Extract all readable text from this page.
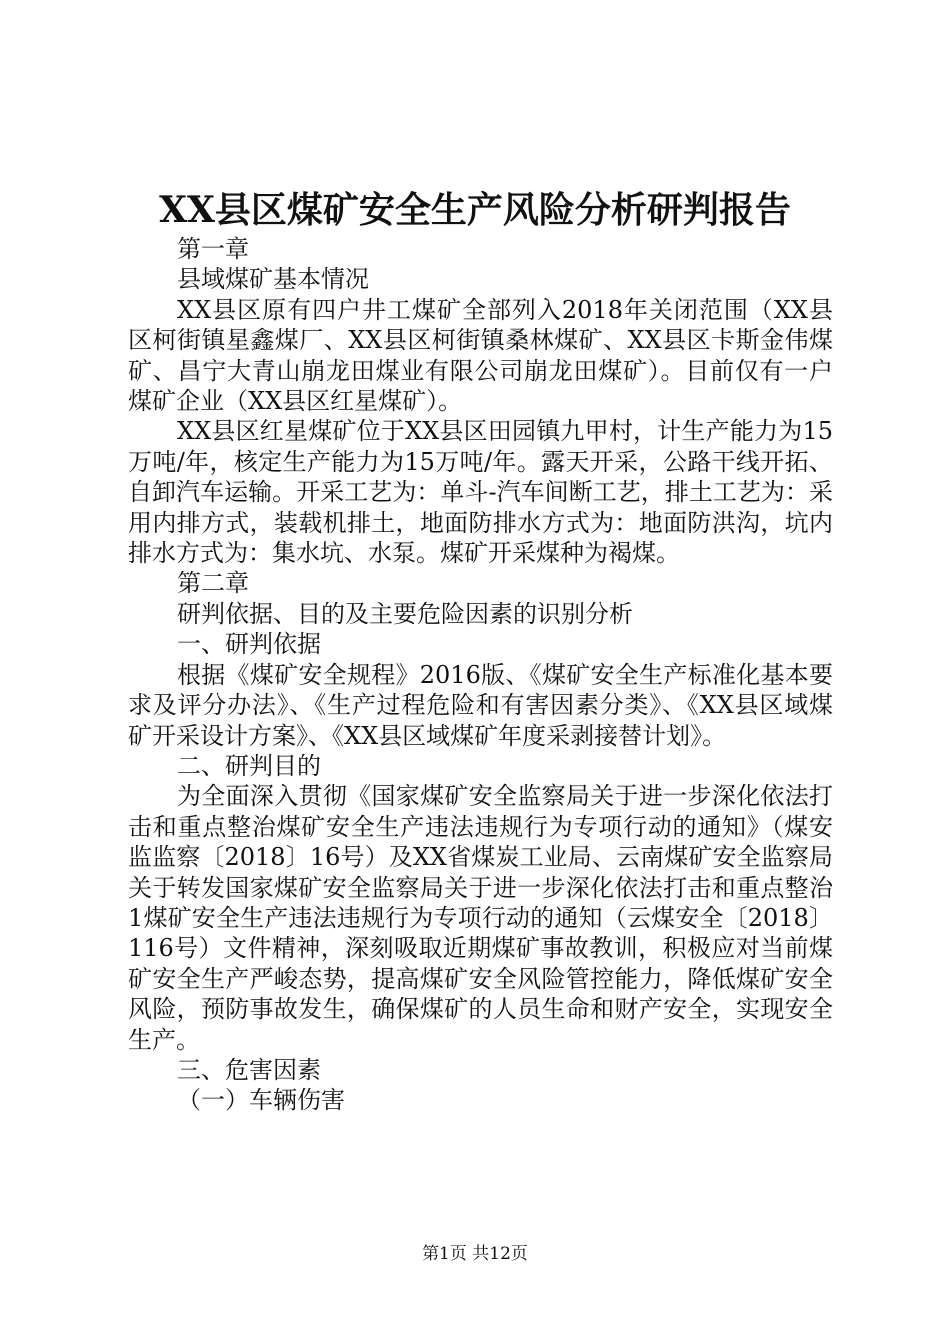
XX县区煤矿安全生产风险分析研判报告

第一章

县域煤矿基本情况

XX县区原有四户井工煤矿全部列入2018年关闭范围（XX县区柯街镇星鑫煤厂、XX县区柯街镇桑林煤矿、XX县区卡斯金伟煤矿、昌宁大青山崩龙田煤业有限公司崩龙田煤矿）。目前仅有一户煤矿企业（XX县区红星煤矿）。

XX县区红星煤矿位于XX县区田园镇九甲村，计生产能力为15万吨/年，核定生产能力为15万吨/年。露天开采，公路干线开拓、自卸汽车运输。开采工艺为：单斗-汽车间断工艺，排土工艺为：采用内排方式，装载机排土，地面防排水方式为：地面防洪沟，坑内排水方式为：集水坑、水泵。煤矿开采煤种为褐煤。

第二章

研判依据、目的及主要危险因素的识别分析

一、研判依据

根据《煤矿安全规程》2016版、《煤矿安全生产标准化基本要求及评分办法》、《生产过程危险和有害因素分类》、《XX县区域煤矿开采设计方案》、《XX县区域煤矿年度采剥接替计划》。

二、研判目的

为全面深入贯彻《国家煤矿安全监察局关于进一步深化依法打击和重点整治煤矿安全生产违法违规行为专项行动的通知》（煤安监监察〔2018〕16号）及XX省煤炭工业局、云南煤矿安全监察局关于转发国家煤矿安全监察局关于进一步深化依法打击和重点整治1煤矿安全生产违法违规行为专项行动的通知（云煤安全〔2018〕116号）文件精神，深刻吸取近期煤矿事故教训，积极应对当前煤矿安全生产严峻态势，提高煤矿安全风险管控能力，降低煤矿安全风险，预防事故发生，确保煤矿的人员生命和财产安全，实现安全生产。

三、危害因素

（一）车辆伤害

第1页 共12页
